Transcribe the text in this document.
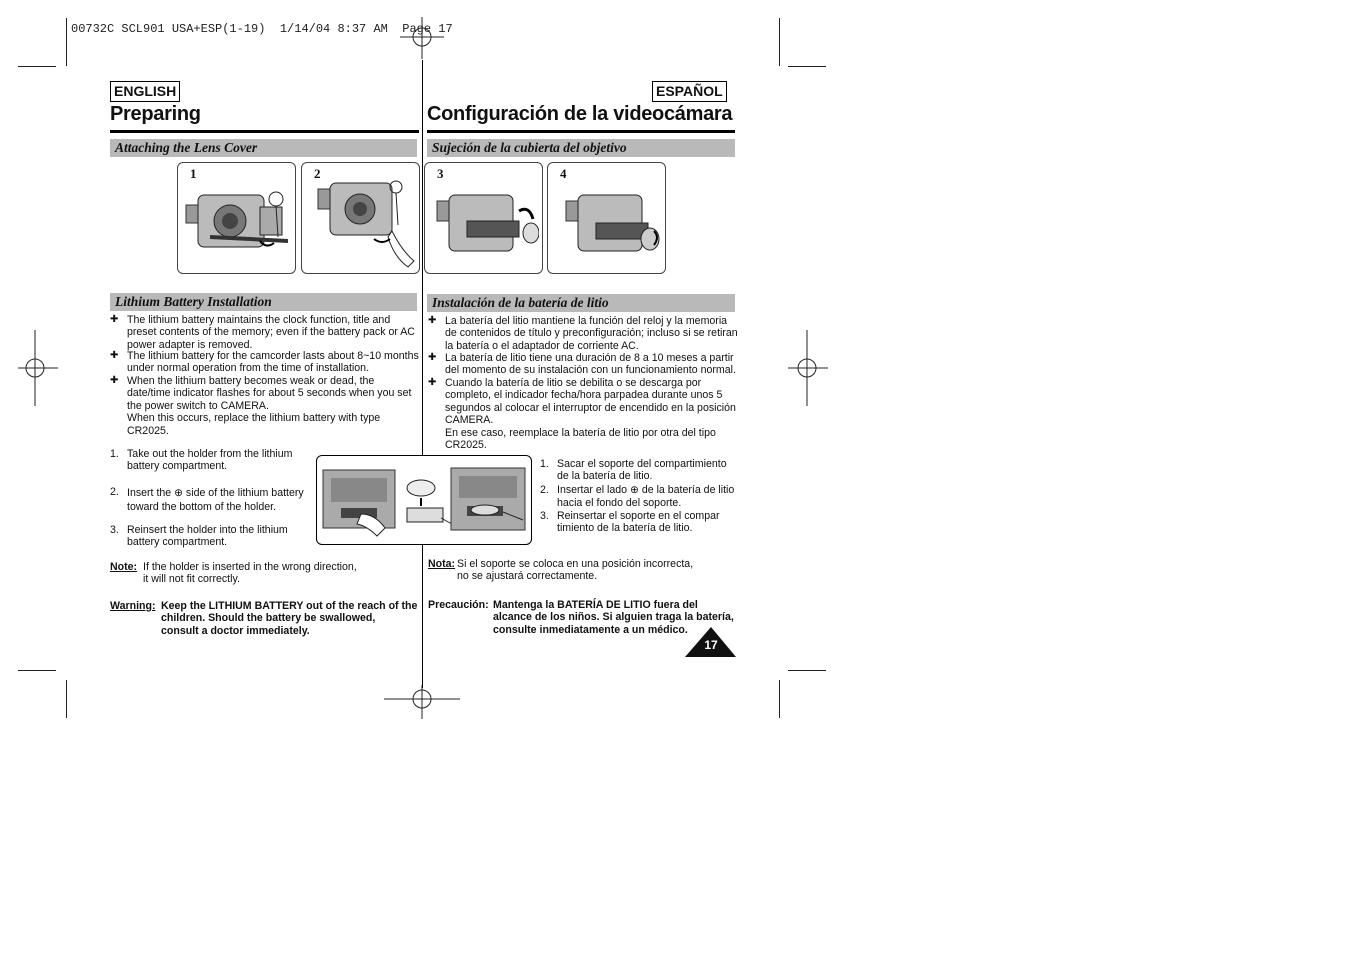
00732C SCL901 USA+ESP(1-19)  1/14/04 8:37 AM  Page 17
ENGLISH	ESPAÑOL
Preparing	Configuración de la videocámara
Attaching the Lens Cover	Sujeción de la cubierta del objetivo
1	2	3	4
Lithium Battery Installation	Instalación de la batería de litio
✚ The lithium battery maintains the clock function, title and
preset contents of the memory; even if the battery pack or AC
power adapter is removed.
✚ The lithium battery for the camcorder lasts about 8~10 months
under normal operation from the time of installation.
✚ When the lithium battery becomes weak or dead, the
date/time indicator flashes for about 5 seconds when you set
the power switch to CAMERA.
When this occurs, replace the lithium battery with type
CR2025.
✚ La batería del litio mantiene la función del reloj y la memoria
de contenidos de título y preconfiguración; incluso si se retiran
la batería o el adaptador de corriente AC.
✚ La batería de litio tiene una duración de 8 a 10 meses a partir
del momento de su instalación con un funcionamiento normal.
✚ Cuando la batería de litio se debilita o se descarga por
completo, el indicador fecha/hora parpadea durante unos 5
segundos al colocar el interruptor de encendido en la posición
CAMERA.
En ese caso, reemplace la batería de litio por otra del tipo
CR2025.
1. Take out the holder from the lithium
battery compartment.
2. Insert the ⊕ side of the lithium battery
toward the bottom of the holder.
3. Reinsert the holder into the lithium
battery compartment.
1. Sacar el soporte del compartimiento
de la batería de litio.
2. Insertar el lado ⊕ de la batería de litio
hacia el fondo del soporte.
3. Reinsertar el soporte en el compar
timiento de la batería de litio.
Note: If the holder is inserted in the wrong direction,
it will not fit correctly.
Nota: Si el soporte se coloca en una posición incorrecta,
no se ajustará correctamente.
Warning: Keep the LITHIUM BATTERY out of the reach of the
children. Should the battery be swallowed,
consult a doctor immediately.
Precaución: Mantenga la BATERÍA DE LITIO fuera del
alcance de los niños. Si alguien traga la batería,
consulte inmediatamente a un médico.
17
